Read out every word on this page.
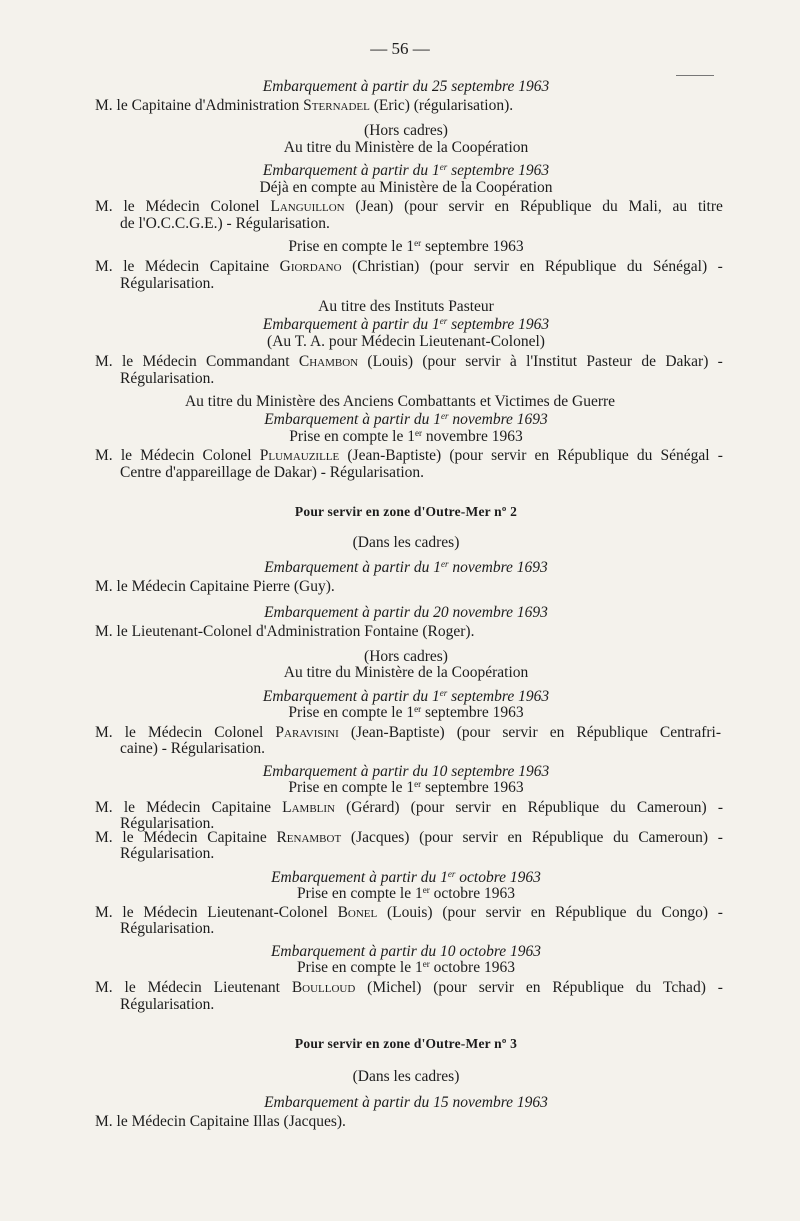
— 56 —
Embarquement à partir du 25 septembre 1963
M. le Capitaine d'Administration Sternadel (Eric) (régularisation).
(Hors cadres)
Au titre du Ministère de la Coopération
Embarquement à partir du 1er septembre 1963
Déjà en compte au Ministère de la Coopération
M. le Médecin Colonel Languillon (Jean) (pour servir en République du Mali, au titre
de l'O.C.C.G.E.) - Régularisation.
Prise en compte le 1er septembre 1963
M. le Médecin Capitaine Giordano (Christian) (pour servir en République du Sénégal) -
Régularisation.
Au titre des Instituts Pasteur
Embarquement à partir du 1er septembre 1963
(Au T. A. pour Médecin Lieutenant-Colonel)
M. le Médecin Commandant Chambon (Louis) (pour servir à l'Institut Pasteur de Dakar) -
Régularisation.
Au titre du Ministère des Anciens Combattants et Victimes de Guerre
Embarquement à partir du 1er novembre 1693
Prise en compte le 1er novembre 1963
M. le Médecin Colonel Plumauzille (Jean-Baptiste) (pour servir en République du Sénégal -
Centre d'appareillage de Dakar) - Régularisation.
Pour servir en zone d'Outre-Mer nº 2
(Dans les cadres)
Embarquement à partir du 1er novembre 1693
M. le Médecin Capitaine Pierre (Guy).
Embarquement à partir du 20 novembre 1693
M. le Lieutenant-Colonel d'Administration Fontaine (Roger).
(Hors cadres)
Au titre du Ministère de la Coopération
Embarquement à partir du 1er septembre 1963
Prise en compte le 1er septembre 1963
M. le Médecin Colonel Paravisini (Jean-Baptiste) (pour servir en République Centrafri-
caine) - Régularisation.
Embarquement à partir du 10 septembre 1963
Prise en compte le 1er septembre 1963
M. le Médecin Capitaine Lamblin (Gérard) (pour servir en République du Cameroun) -
Régularisation.
M. le Médecin Capitaine Renambot (Jacques) (pour servir en République du Cameroun) -
Régularisation.
Embarquement à partir du 1er octobre 1963
Prise en compte le 1er octobre 1963
M. le Médecin Lieutenant-Colonel Bonel (Louis) (pour servir en République du Congo) -
Régularisation.
Embarquement à partir du 10 octobre 1963
Prise en compte le 1er octobre 1963
M. le Médecin Lieutenant Boulloud (Michel) (pour servir en République du Tchad) -
Régularisation.
Pour servir en zone d'Outre-Mer nº 3
(Dans les cadres)
Embarquement à partir du 15 novembre 1963
M. le Médecin Capitaine Illas (Jacques).
